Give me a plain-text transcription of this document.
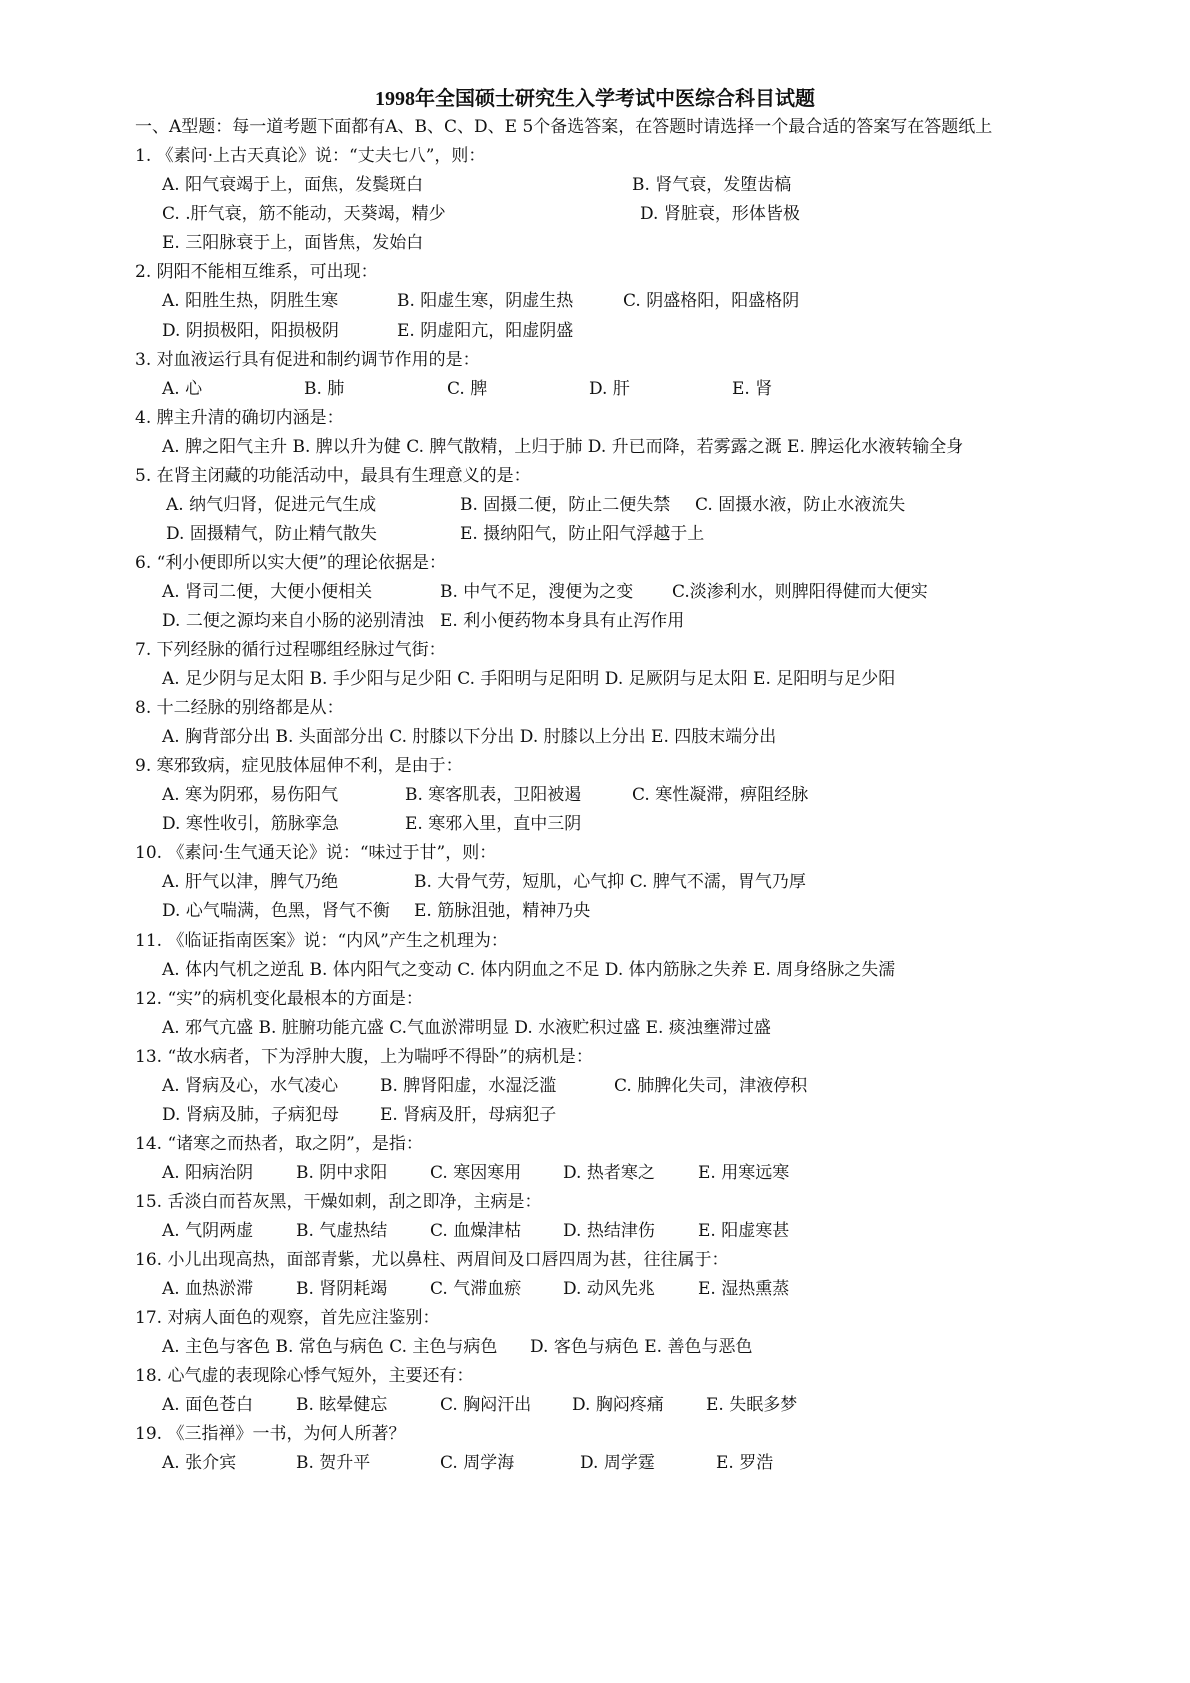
1998年全国硕士研究生入学考试中医综合科目试题
一、A型题：每一道考题下面都有A、B、C、D、E 5个备选答案，在答题时请选择一个最合适的答案写在答题纸上
1. 《素问·上古天真论》说：“丈夫七八”，则：
A. 阳气衰竭于上，面焦，发鬓斑白	B. 肾气衰，发堕齿槁
C. .肝气衰，筋不能动，天葵竭，精少	D. 肾脏衰，形体皆极
E. 三阳脉衰于上，面皆焦，发始白
2. 阴阳不能相互维系，可出现：
A. 阳胜生热，阴胜生寒	B. 阳虚生寒，阴虚生热	C. 阴盛格阳，阳盛格阴
D. 阴损极阳，阳损极阴	E. 阴虚阳亢，阳虚阴盛
3. 对血液运行具有促进和制约调节作用的是：
A. 心	B. 肺	C. 脾	D. 肝	E. 肾
4. 脾主升清的确切内涵是：
A. 脾之阳气主升 B. 脾以升为健 C. 脾气散精，上归于肺 D. 升已而降，若雾露之溉 E. 脾运化水液转输全身
5. 在肾主闭藏的功能活动中，最具有生理意义的是：
A. 纳气归肾，促进元气生成	B. 固摄二便，防止二便失禁 C. 固摄水液，防止水液流失
D. 固摄精气，防止精气散失	E. 摄纳阳气，防止阳气浮越于上
6. “利小便即所以实大便”的理论依据是：
A. 肾司二便，大便小便相关	B. 中气不足，溲便为之变 C.淡渗利水，则脾阳得健而大便实
D. 二便之源均来自小肠的泌别清浊 E. 利小便药物本身具有止泻作用
7. 下列经脉的循行过程哪组经脉过气街：
A. 足少阴与足太阳 B. 手少阳与足少阳 C. 手阳明与足阳明 D. 足厥阴与足太阳 E. 足阳明与足少阳
8. 十二经脉的别络都是从：
A. 胸背部分出 B. 头面部分出 C. 肘膝以下分出 D. 肘膝以上分出 E. 四肢末端分出
9. 寒邪致病，症见肢体屈伸不利，是由于：
A. 寒为阴邪，易伤阳气	B. 寒客肌表，卫阳被遏	C. 寒性凝滞，痹阻经脉
D. 寒性收引，筋脉挛急	E. 寒邪入里，直中三阴
10. 《素问·生气通天论》说：“味过于甘”，则：
A. 肝气以津，脾气乃绝	B. 大骨气劳，短肌，心气抑 C. 脾气不濡，胃气乃厚
D. 心气喘满，色黑，肾气不衡 E. 筋脉沮弛，精神乃央
11. 《临证指南医案》说：“内风”产生之机理为：
A. 体内气机之逆乱 B. 体内阳气之变动 C. 体内阴血之不足 D. 体内筋脉之失养 E. 周身络脉之失濡
12. “实”的病机变化最根本的方面是：
A. 邪气亢盛 B. 脏腑功能亢盛 C.气血淤滞明显 D. 水液贮积过盛 E. 痰浊壅滞过盛
13. “故水病者，下为浮肿大腹，上为喘呼不得卧”的病机是：
A. 肾病及心，水气凌心 B. 脾肾阳虚，水湿泛滥	C. 肺脾化失司，津液停积
D. 肾病及肺，子病犯母 E. 肾病及肝，母病犯子
14. “诸寒之而热者，取之阴”，是指：
A. 阳病治阴	B. 阴中求阳	C. 寒因寒用 D. 热者寒之	E. 用寒远寒
15. 舌淡白而苔灰黑，干燥如刺，刮之即净，主病是：
A. 气阴两虚	B. 气虚热结	C. 血燥津枯 D. 热结津伤	E. 阳虚寒甚
16. 小儿出现高热，面部青紫，尤以鼻柱、两眉间及口唇四周为甚，往往属于：
A. 血热淤滞	B. 肾阴耗竭	C. 气滞血瘀 D. 动风先兆	E. 湿热熏蒸
17. 对病人面色的观察，首先应注鉴别：
A. 主色与客色 B. 常色与病色 C. 主色与病色 D. 客色与病色 E. 善色与恶色
18. 心气虚的表现除心悸气短外，主要还有：
A. 面色苍白	B. 眩晕健忘	C. 胸闷汗出 D. 胸闷疼痛 E. 失眠多梦
19. 《三指禅》一书，为何人所著？
A. 张介宾	B. 贺升平	C. 周学海	D. 周学霆	E. 罗浩
